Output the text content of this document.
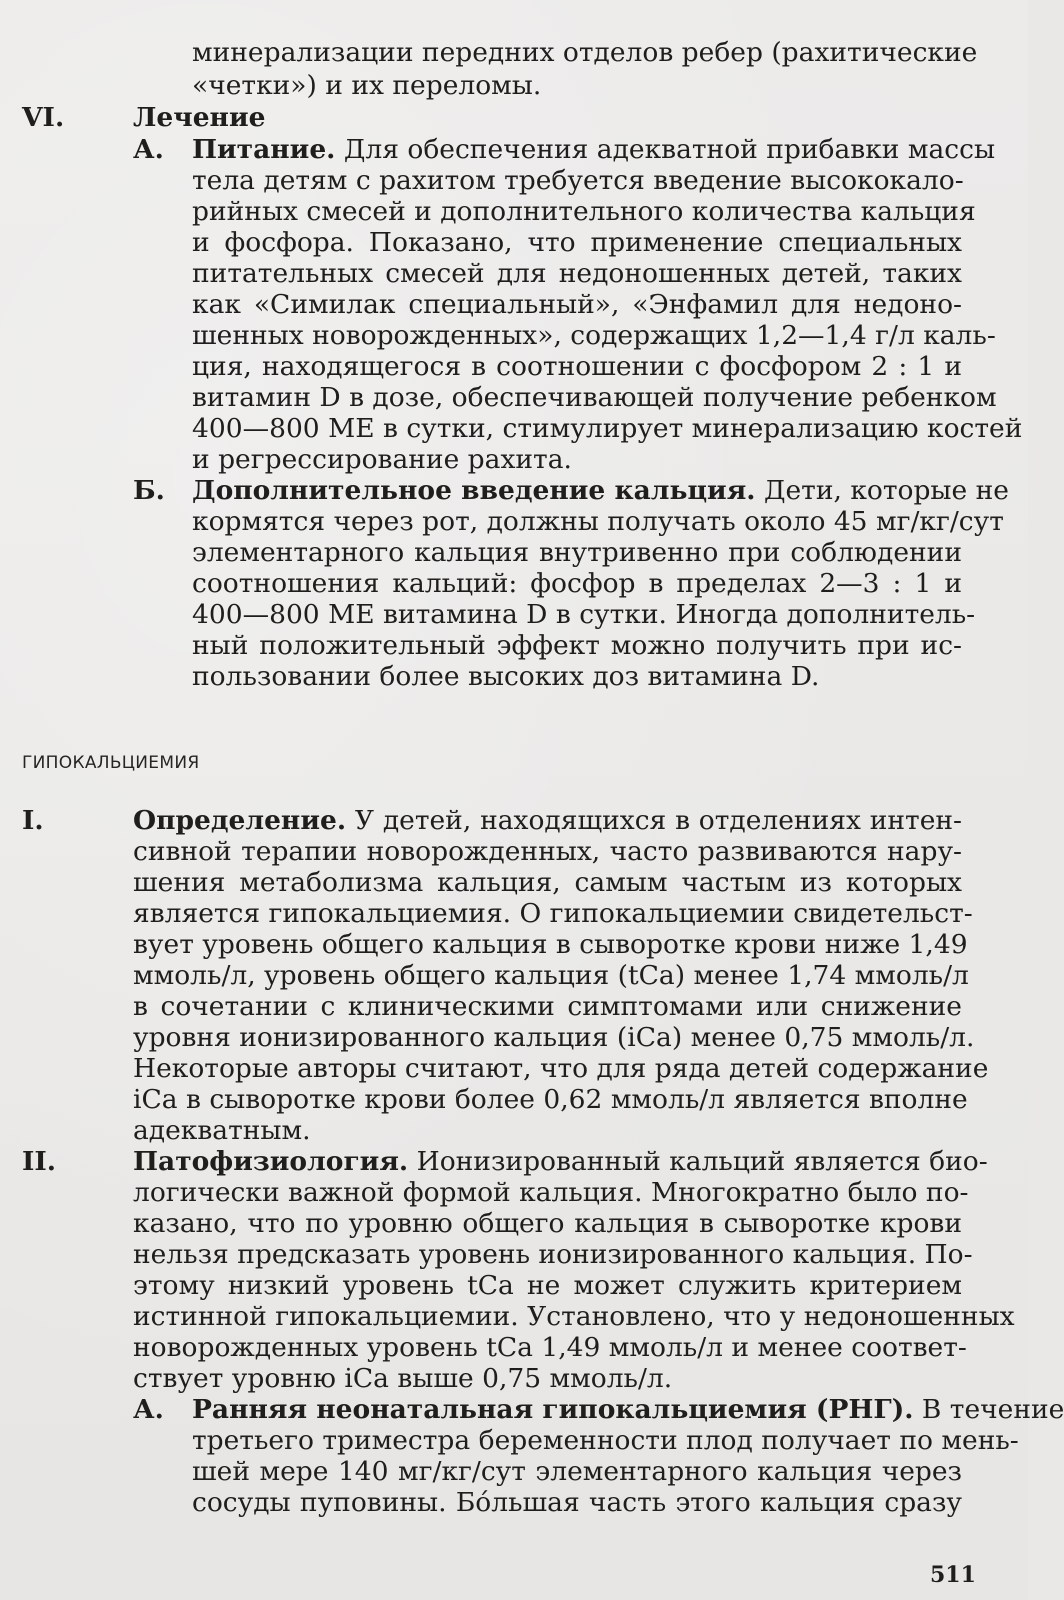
минерализации передних отделов ребер (рахитические
«четки») и их переломы.
VI.	Лечение
А. Питание. Для обеспечения адекватной прибавки массы
тела детям с рахитом требуется введение высококало-
рийных смесей и дополнительного количества кальция
и фосфора. Показано, что применение специальных
питательных смесей для недоношенных детей, таких
как «Симилак специальный», «Энфамил для недоно-
шенных новорожденных», содержащих 1,2—1,4 г/л каль-
ция, находящегося в соотношении с фосфором 2 : 1 и
витамин D в дозе, обеспечивающей получение ребенком
400—800 МЕ в сутки, стимулирует минерализацию костей
и регрессирование рахита.
Б. Дополнительное введение кальция. Дети, которые не
кормятся через рот, должны получать около 45 мг/кг/сут
элементарного кальция внутривенно при соблюдении
соотношения кальций: фосфор в пределах 2—3 : 1 и
400—800 МЕ витамина D в сутки. Иногда дополнитель-
ный положительный эффект можно получить при ис-
пользовании более высоких доз витамина D.
ГИПОКАЛЬЦИЕМИЯ
I.	Определение. У детей, находящихся в отделениях интен-
сивной терапии новорожденных, часто развиваются нару-
шения метаболизма кальция, самым частым из которых
является гипокальциемия. О гипокальциемии свидетельст-
вует уровень общего кальция в сыворотке крови ниже 1,49
ммоль/л, уровень общего кальция (tCa) менее 1,74 ммоль/л
в сочетании с клиническими симптомами или снижение
уровня ионизированного кальция (iCa) менее 0,75 ммоль/л.
Некоторые авторы считают, что для ряда детей содержание
iCa в сыворотке крови более 0,62 ммоль/л является вполне
адекватным.
II.	Патофизиология. Ионизированный кальций является био-
логически важной формой кальция. Многократно было по-
казано, что по уровню общего кальция в сыворотке крови
нельзя предсказать уровень ионизированного кальция. По-
этому низкий уровень tCa не может служить критерием
истинной гипокальциемии. Установлено, что у недоношенных
новорожденных уровень tCa 1,49 ммоль/л и менее соответ-
ствует уровню iCa выше 0,75 ммоль/л.
А. Ранняя неонатальная гипокальциемия (РНГ). В течение
третьего триместра беременности плод получает по мень-
шей мере 140 мг/кг/сут элементарного кальция через
сосуды пуповины. Бóльшая часть этого кальция сразу
511
